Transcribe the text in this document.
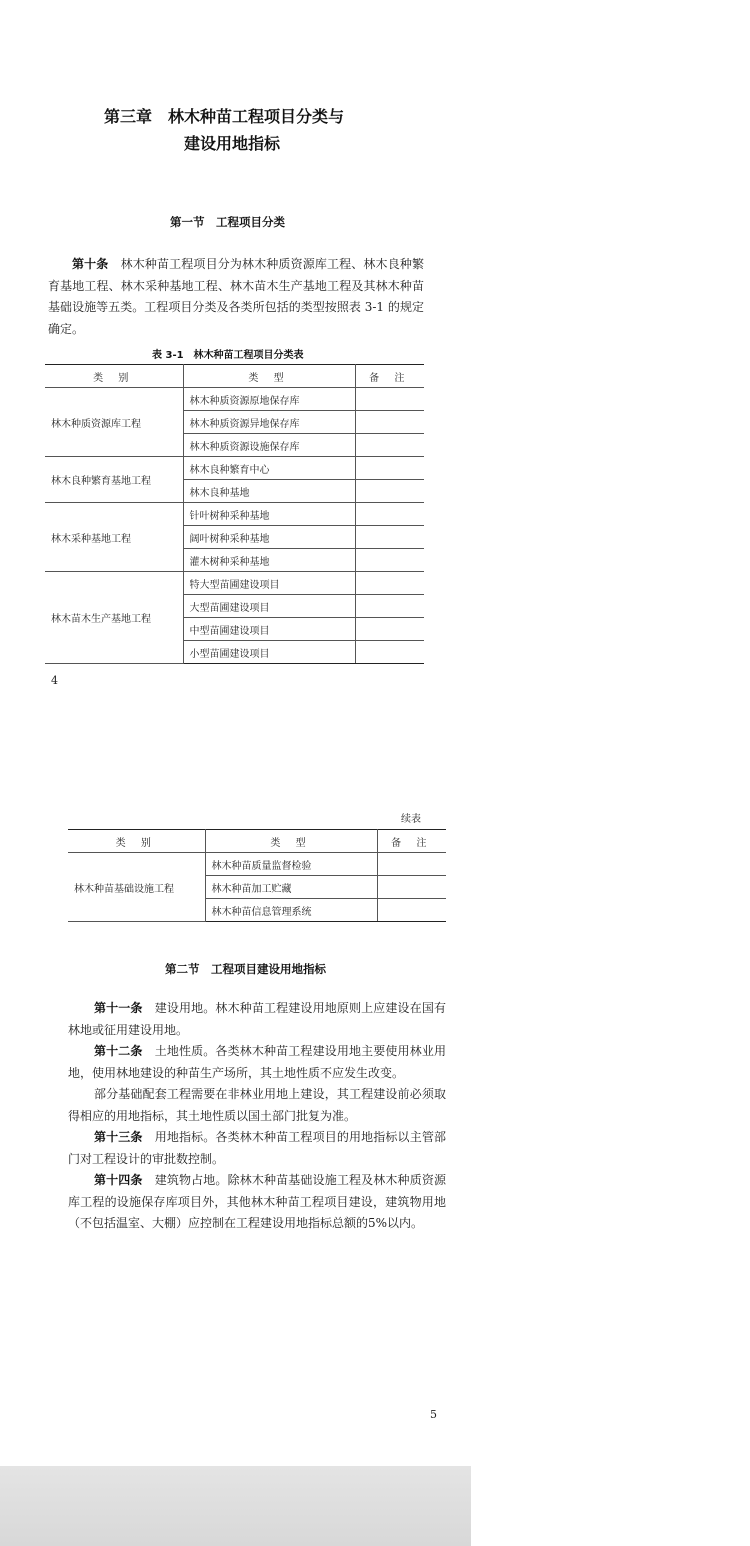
第三章　林木种苗工程项目分类与
建设用地指标
第一节　工程项目分类
第十条　林木种苗工程项目分为林木种质资源库工程、林木良种繁育基地工程、林木采种基地工程、林木苗木生产基地工程及其林木种苗基础设施等五类。工程项目分类及各类所包括的类型按照表 3-1 的规定确定。
表 3-1　林木种苗工程项目分类表
类 别	类 型	备 注
林木种质资源库工程	林木种质资源原地保存库	
	林木种质资源异地保存库	
	林木种质资源设施保存库	
林木良种繁育基地工程	林木良种繁育中心	
	林木良种基地	
林木采种基地工程	针叶树种采种基地	
	阔叶树种采种基地	
	灌木树种采种基地	
林木苗木生产基地工程	特大型苗圃建设项目	
	大型苗圃建设项目	
	中型苗圃建设项目	
	小型苗圃建设项目	
4
续表
类 别	类 型	备 注
林木种苗基础设施工程	林木种苗质量监督检验	
	林木种苗加工贮藏	
	林木种苗信息管理系统	
第二节　工程项目建设用地指标
第十一条　建设用地。林木种苗工程建设用地原则上应建设在国有林地或征用建设用地。
第十二条　土地性质。各类林木种苗工程建设用地主要使用林业用地，使用林地建设的种苗生产场所，其土地性质不应发生改变。
部分基础配套工程需要在非林业用地上建设，其工程建设前必须取得相应的用地指标，其土地性质以国土部门批复为准。
第十三条　用地指标。各类林木种苗工程项目的用地指标以主管部门对工程设计的审批数控制。
第十四条　建筑物占地。除林木种苗基础设施工程及林木种质资源库工程的设施保存库项目外，其他林木种苗工程项目建设，建筑物用地（不包括温室、大棚）应控制在工程建设用地指标总额的5%以内。
5
